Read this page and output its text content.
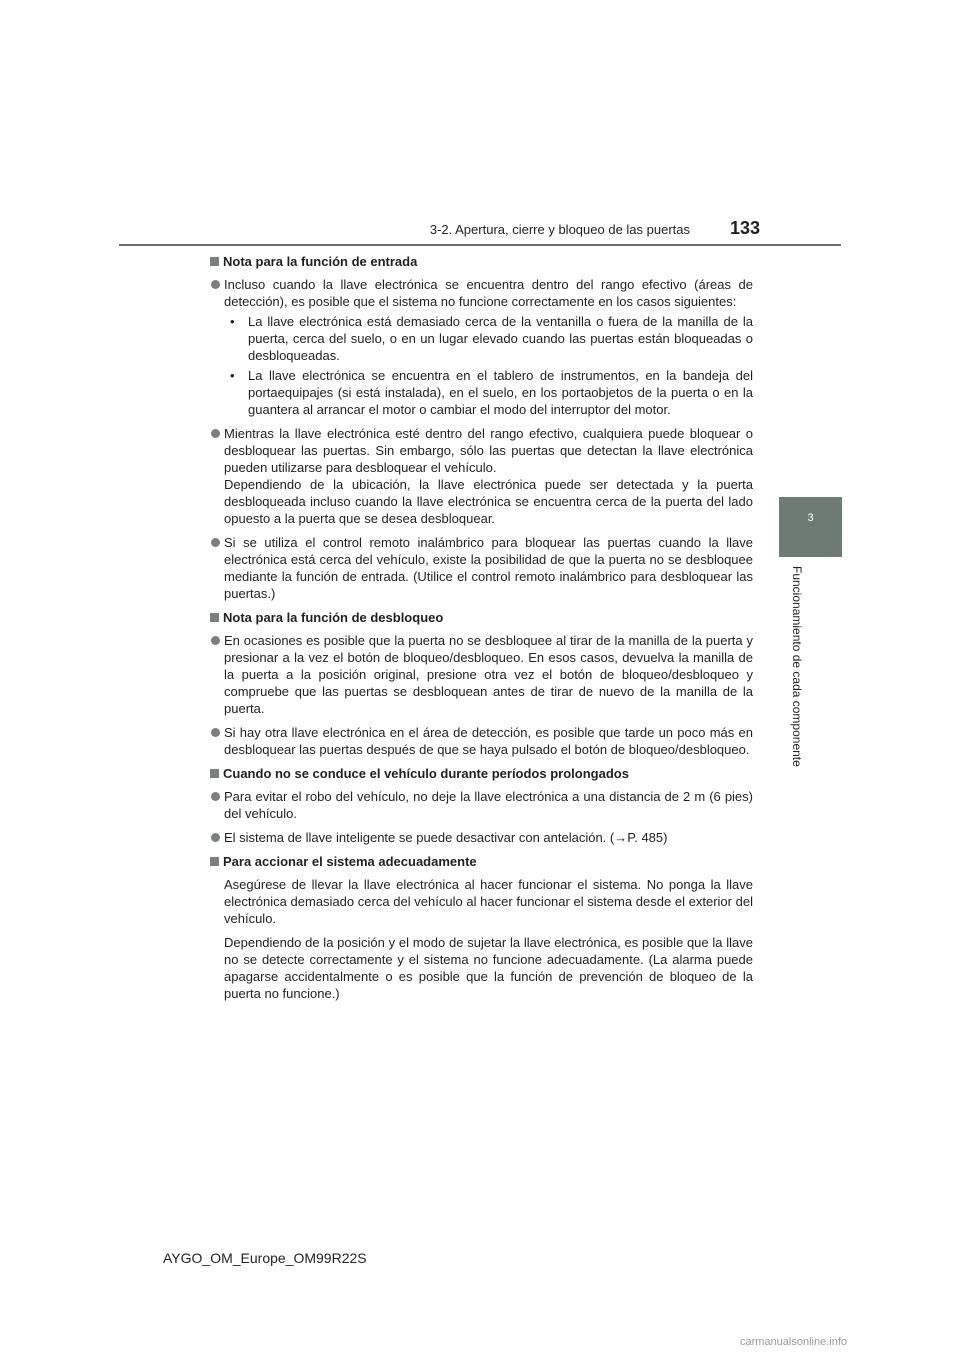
3-2. Apertura, cierre y bloqueo de las puertas 133
3
Funcionamiento de cada componente
Nota para la función de entrada

Incluso cuando la llave electrónica se encuentra dentro del rango efectivo (áreas de detección), es posible que el sistema no funcione correctamente en los casos siguientes:

• La llave electrónica está demasiado cerca de la ventanilla o fuera de la manilla de la puerta, cerca del suelo, o en un lugar elevado cuando las puertas están bloqueadas o desbloqueadas.
• La llave electrónica se encuentra en el tablero de instrumentos, en la bandeja del portaequipajes (si está instalada), en el suelo, en los portaobjetos de la puerta o en la guantera al arrancar el motor o cambiar el modo del interruptor del motor.

Mientras la llave electrónica esté dentro del rango efectivo, cualquiera puede bloquear o desbloquear las puertas. Sin embargo, sólo las puertas que detectan la llave electrónica pueden utilizarse para desbloquear el vehículo.

Dependiendo de la ubicación, la llave electrónica puede ser detectada y la puerta desbloqueada incluso cuando la llave electrónica se encuentra cerca de la puerta del lado opuesto a la puerta que se desea desbloquear.

Si se utiliza el control remoto inalámbrico para bloquear las puertas cuando la llave electrónica está cerca del vehículo, existe la posibilidad de que la puerta no se desbloquee mediante la función de entrada. (Utilice el control remoto inalámbrico para desbloquear las puertas.)

Nota para la función de desbloqueo

En ocasiones es posible que la puerta no se desbloquee al tirar de la manilla de la puerta y presionar a la vez el botón de bloqueo/desbloqueo. En esos casos, devuelva la manilla de la puerta a la posición original, presione otra vez el botón de bloqueo/desbloqueo y compruebe que las puertas se desbloquean antes de tirar de nuevo de la manilla de la puerta.

Si hay otra llave electrónica en el área de detección, es posible que tarde un poco más en desbloquear las puertas después de que se haya pulsado el botón de bloqueo/desbloqueo.

Cuando no se conduce el vehículo durante períodos prolongados

Para evitar el robo del vehículo, no deje la llave electrónica a una distancia de 2 m (6 pies) del vehículo.

El sistema de llave inteligente se puede desactivar con antelación. (→P. 485)

Para accionar el sistema adecuadamente

Asegúrese de llevar la llave electrónica al hacer funcionar el sistema. No ponga la llave electrónica demasiado cerca del vehículo al hacer funcionar el sistema desde el exterior del vehículo.

Dependiendo de la posición y el modo de sujetar la llave electrónica, es posible que la llave no se detecte correctamente y el sistema no funcione adecuadamente. (La alarma puede apagarse accidentalmente o es posible que la función de prevención de bloqueo de la puerta no funcione.)

AYGO_OM_Europe_OM99R22S
carmanualsonline.info
